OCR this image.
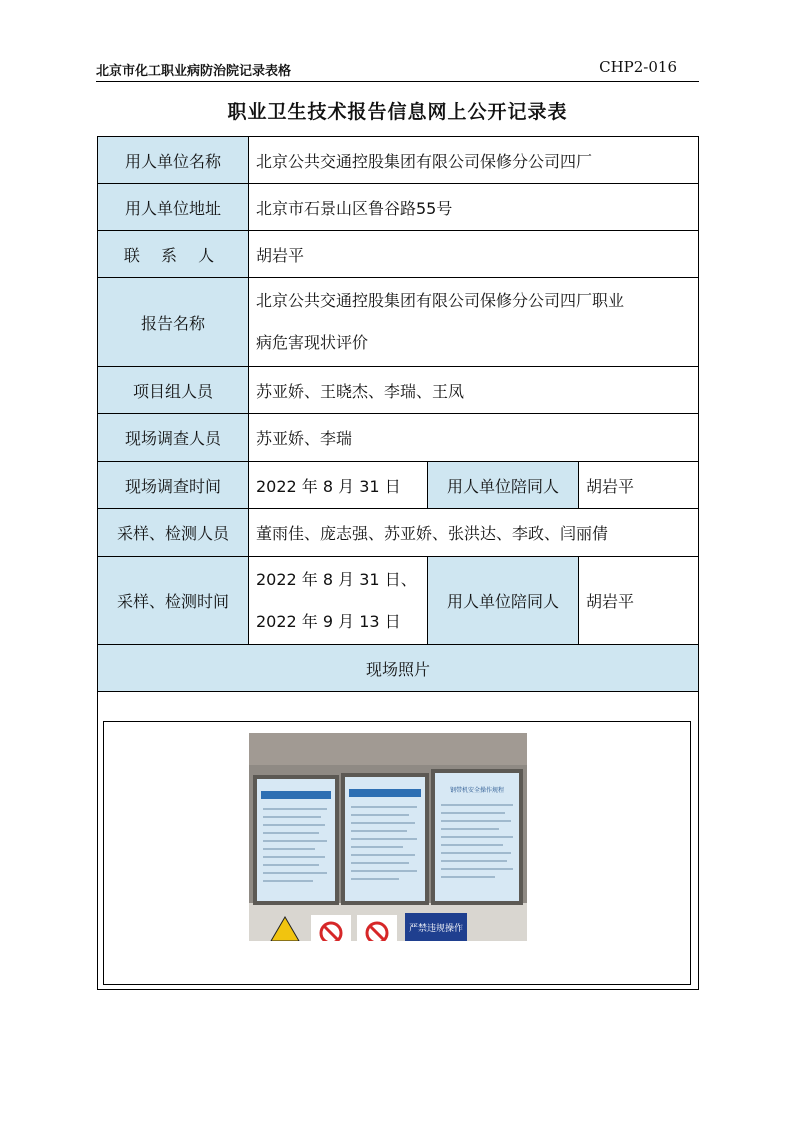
北京市化工职业病防治院记录表格	CHP2-016
职业卫生技术报告信息网上公开记录表
用人单位名称	北京公共交通控股集团有限公司保修分公司四厂		
用人单位地址	北京市石景山区鲁谷路55号		
联 系 人	胡岩平		
报告名称	北京公共交通控股集团有限公司保修分公司四厂职业
病危害现状评价		

项目组人员	苏亚娇、王晓杰、李瑞、王凤		
现场调查人员	苏亚娇、李瑞		
现场调查时间	2022 年 8 月 31 日	用人单位陪同人	胡岩平
采样、检测人员	董雨佳、庞志强、苏亚娇、张洪达、李政、闫丽倩		
采样、检测时间	2022 年 8 月 31 日、
2022 年 9 月 13 日	用人单位陪同人	胡岩平
现场照片			

钢带机安全操作规程
严禁违规操作			
